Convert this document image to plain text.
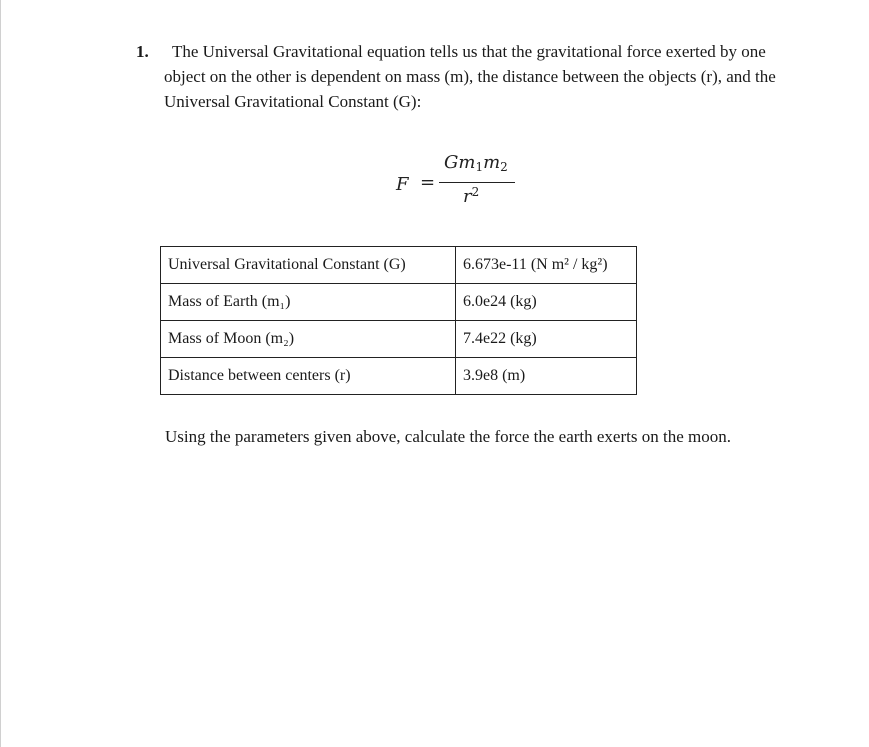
1.	The Universal Gravitational equation tells us that the gravitational force exerted by one
object on the other is dependent on mass (m), the distance between the objects (r), and the
Universal Gravitational Constant (G):
F =
$Gm_1m_2$
$r^2$
Universal Gravitational Constant (G)	6.673e-11 (N m² / kg²)
Mass of Earth (m₁)	6.0e24 (kg)
Mass of Moon (m₂)	7.4e22 (kg)
Distance between centers (r)	3.9e8 (m)
Using the parameters given above, calculate the force the earth exerts on the moon.
